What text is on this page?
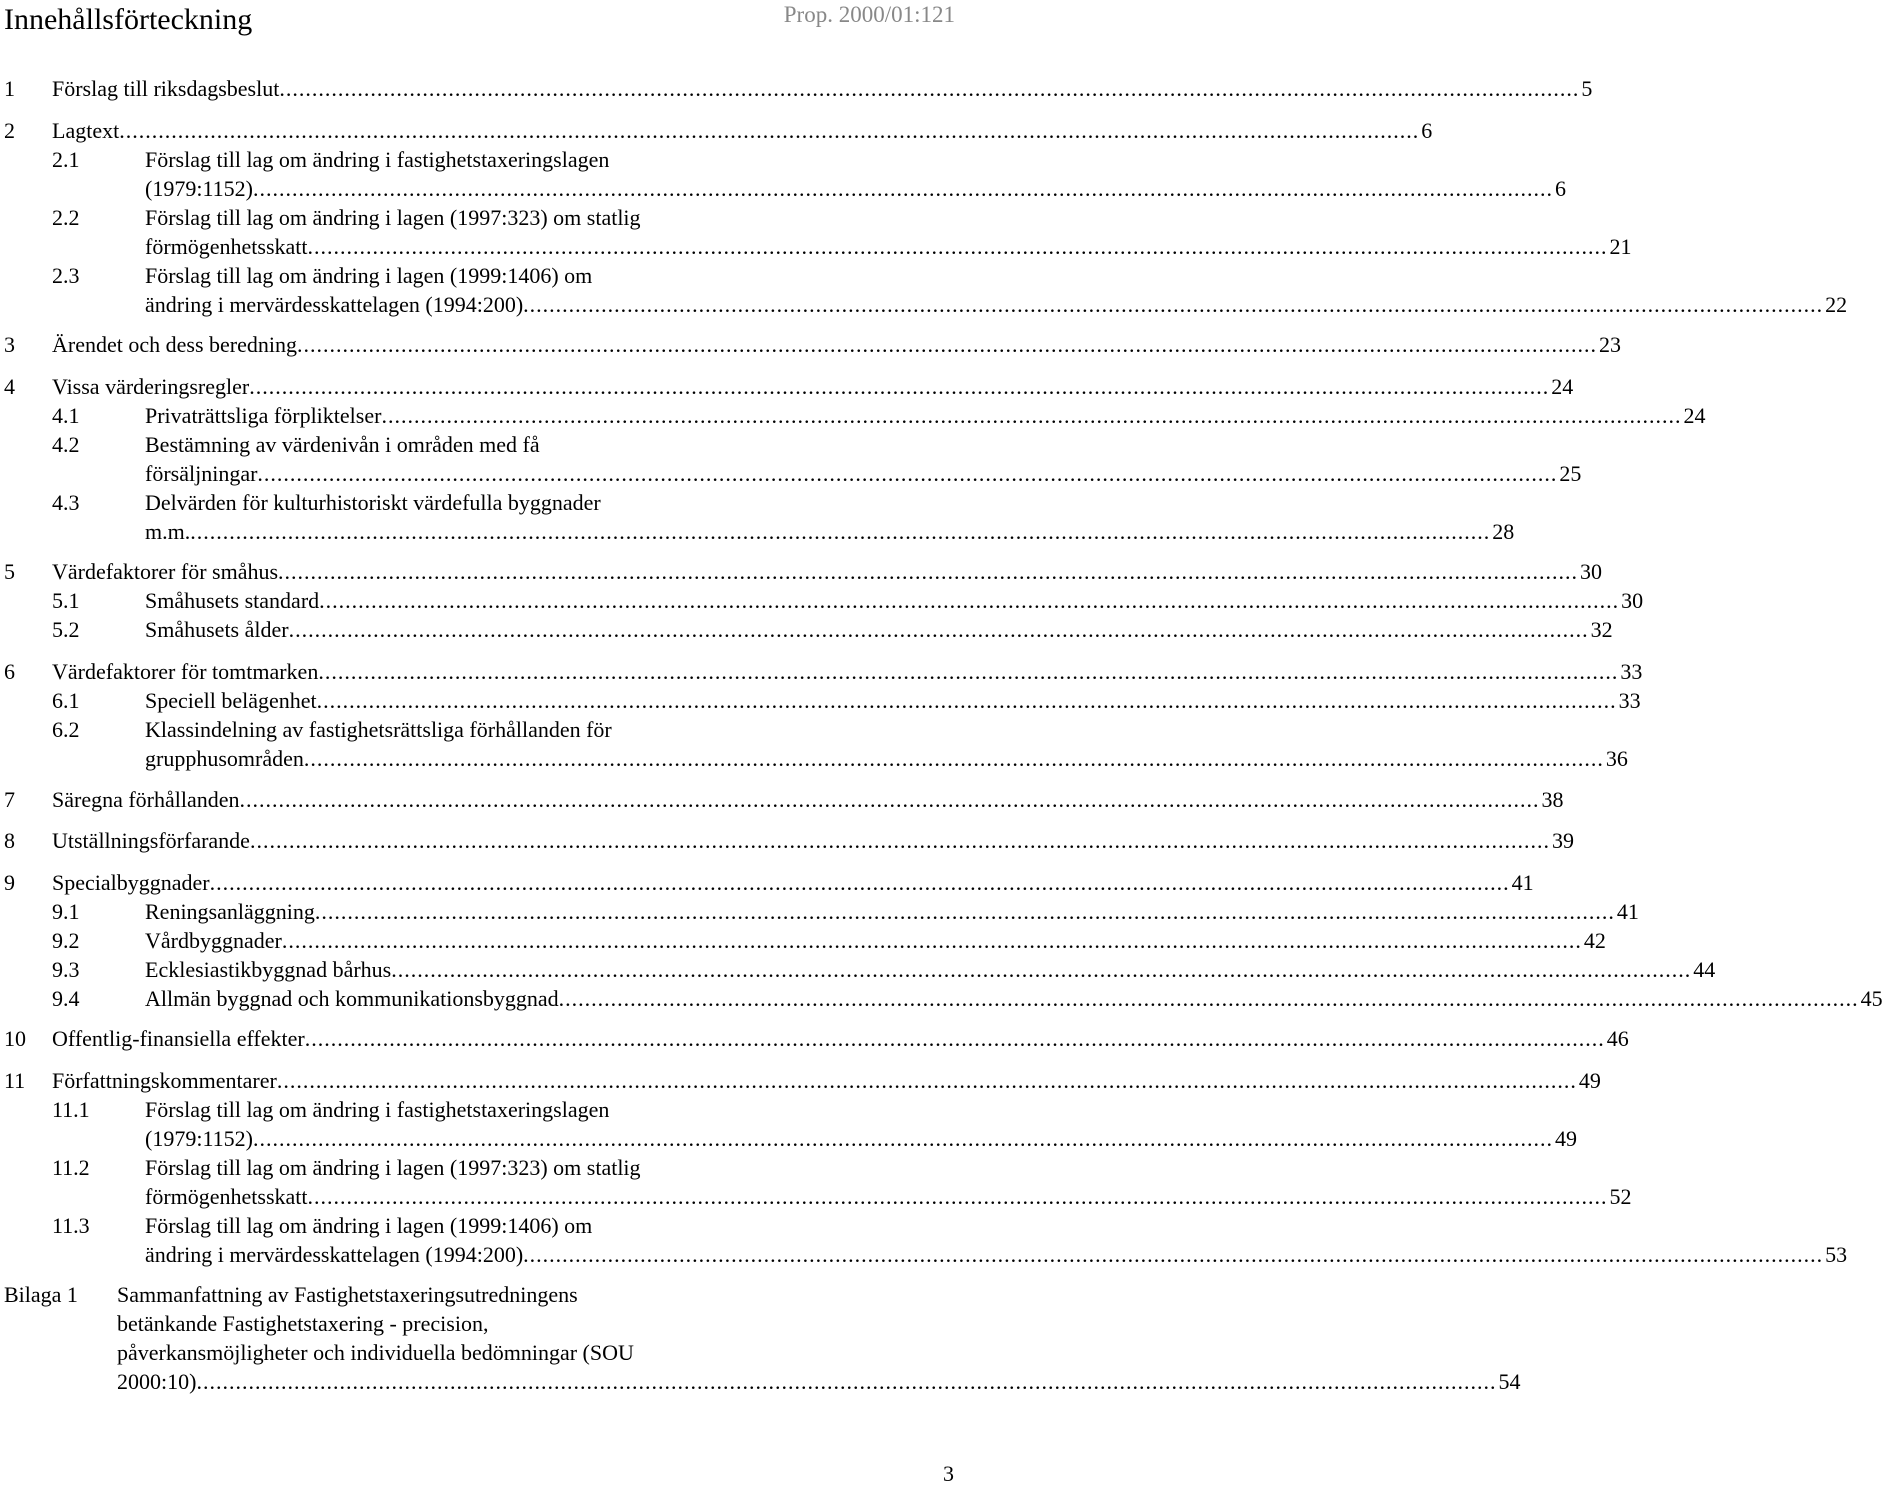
Innehållsförteckning	Prop. 2000/01:121
1 Förslag till riksdagsbeslut ........................................................................................................................................................................................................ 5
2 Lagtext ........................................................................................................................................................................................................ 6
2.1	Förslag till lag om ändring i fastighetstaxeringslagen
(1979:1152) ........................................................................................................................................................................................................ 6
2.2	Förslag till lag om ändring i lagen (1997:323) om statlig
förmögenhetsskatt ........................................................................................................................................................................................................ 21
2.3	Förslag till lag om ändring i lagen (1999:1406) om
ändring i mervärdesskattelagen (1994:200) ........................................................................................................................................................................................................ 22
3 Ärendet och dess beredning ........................................................................................................................................................................................................ 23
4 Vissa värderingsregler ........................................................................................................................................................................................................ 24
4.1	Privaträttsliga förpliktelser ........................................................................................................................................................................................................ 24
4.2	Bestämning av värdenivån i områden med få
försäljningar ........................................................................................................................................................................................................ 25
4.3	Delvärden för kulturhistoriskt värdefulla byggnader
m.m. ........................................................................................................................................................................................................ 28
5 Värdefaktorer för småhus ........................................................................................................................................................................................................ 30
5.1	Småhusets standard ........................................................................................................................................................................................................ 30
5.2	Småhusets ålder ........................................................................................................................................................................................................ 32
6 Värdefaktorer för tomtmarken ........................................................................................................................................................................................................ 33
6.1	Speciell belägenhet ........................................................................................................................................................................................................ 33
6.2	Klassindelning av fastighetsrättsliga förhållanden för
grupphusområden ........................................................................................................................................................................................................ 36
7 Säregna förhållanden ........................................................................................................................................................................................................ 38
8 Utställningsförfarande ........................................................................................................................................................................................................ 39
9 Specialbyggnader ........................................................................................................................................................................................................ 41
9.1	Reningsanläggning ........................................................................................................................................................................................................ 41
9.2	Vårdbyggnader ........................................................................................................................................................................................................ 42
9.3	Ecklesiastikbyggnad bårhus ........................................................................................................................................................................................................ 44
9.4	Allmän byggnad och kommunikationsbyggnad ........................................................................................................................................................................................................ 45
10 Offentlig-finansiella effekter ........................................................................................................................................................................................................ 46
11 Författningskommentarer ........................................................................................................................................................................................................ 49
11.1	Förslag till lag om ändring i fastighetstaxeringslagen
(1979:1152) ........................................................................................................................................................................................................ 49
11.2	Förslag till lag om ändring i lagen (1997:323) om statlig
förmögenhetsskatt ........................................................................................................................................................................................................ 52
11.3	Förslag till lag om ändring i lagen (1999:1406) om
ändring i mervärdesskattelagen (1994:200) ........................................................................................................................................................................................................ 53
Bilaga 1 Sammanfattning av Fastighetstaxeringsutredningens
betänkande Fastighetstaxering - precision,
påverkansmöjligheter och individuella bedömningar (SOU
2000:10) ........................................................................................................................................................................................................ 54
3
